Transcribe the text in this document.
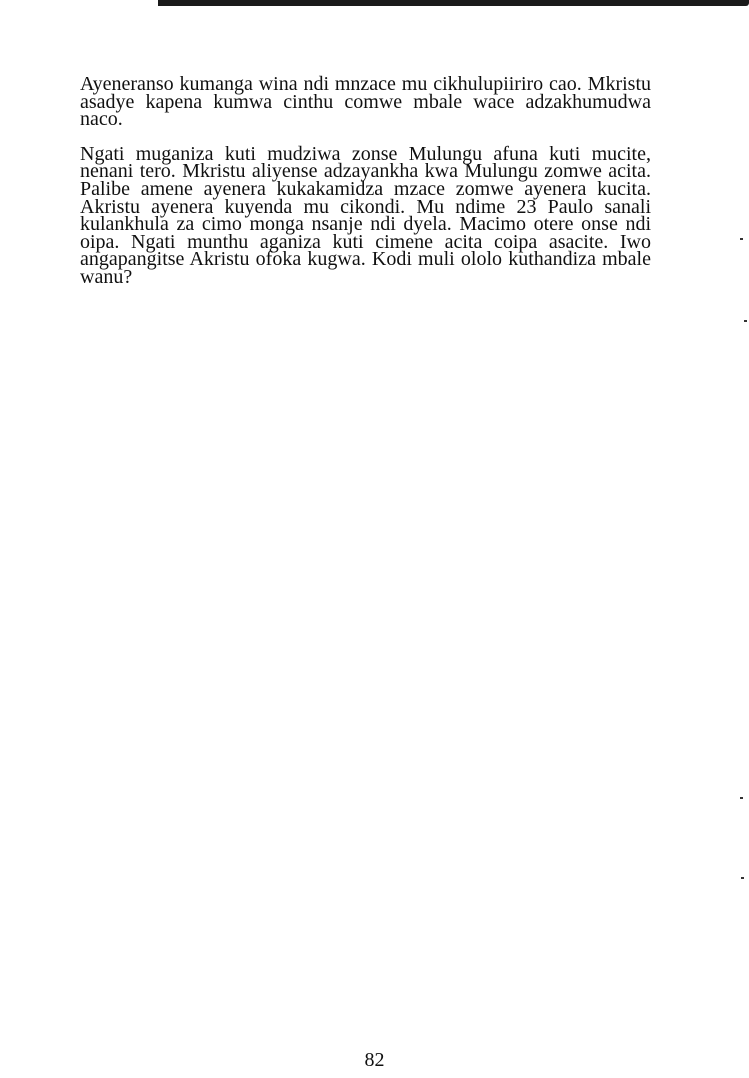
Ayeneranso kumanga wina ndi mnzace mu cikhulupiiriro cao. Mkristu asadye kapena kumwa cinthu comwe mbale wace adzakhumudwa naco.

Ngati muganiza kuti mudziwa zonse Mulungu afuna kuti mucite, nenani tero. Mkristu aliyense adzayankha kwa Mulungu zomwe acita. Palibe amene ayenera kukakamidza mzace zomwe ayenera kucita. Akristu ayenera kuyenda mu cikondi. Mu ndime 23 Paulo sanali kulankhula za cimo monga nsanje ndi dyela. Macimo otere onse ndi oipa. Ngati munthu aganiza kuti cimene acita coipa asacite. Iwo angapangitse Akristu ofoka kugwa. Kodi muli ololo kuthandiza mbale wanu?

82
